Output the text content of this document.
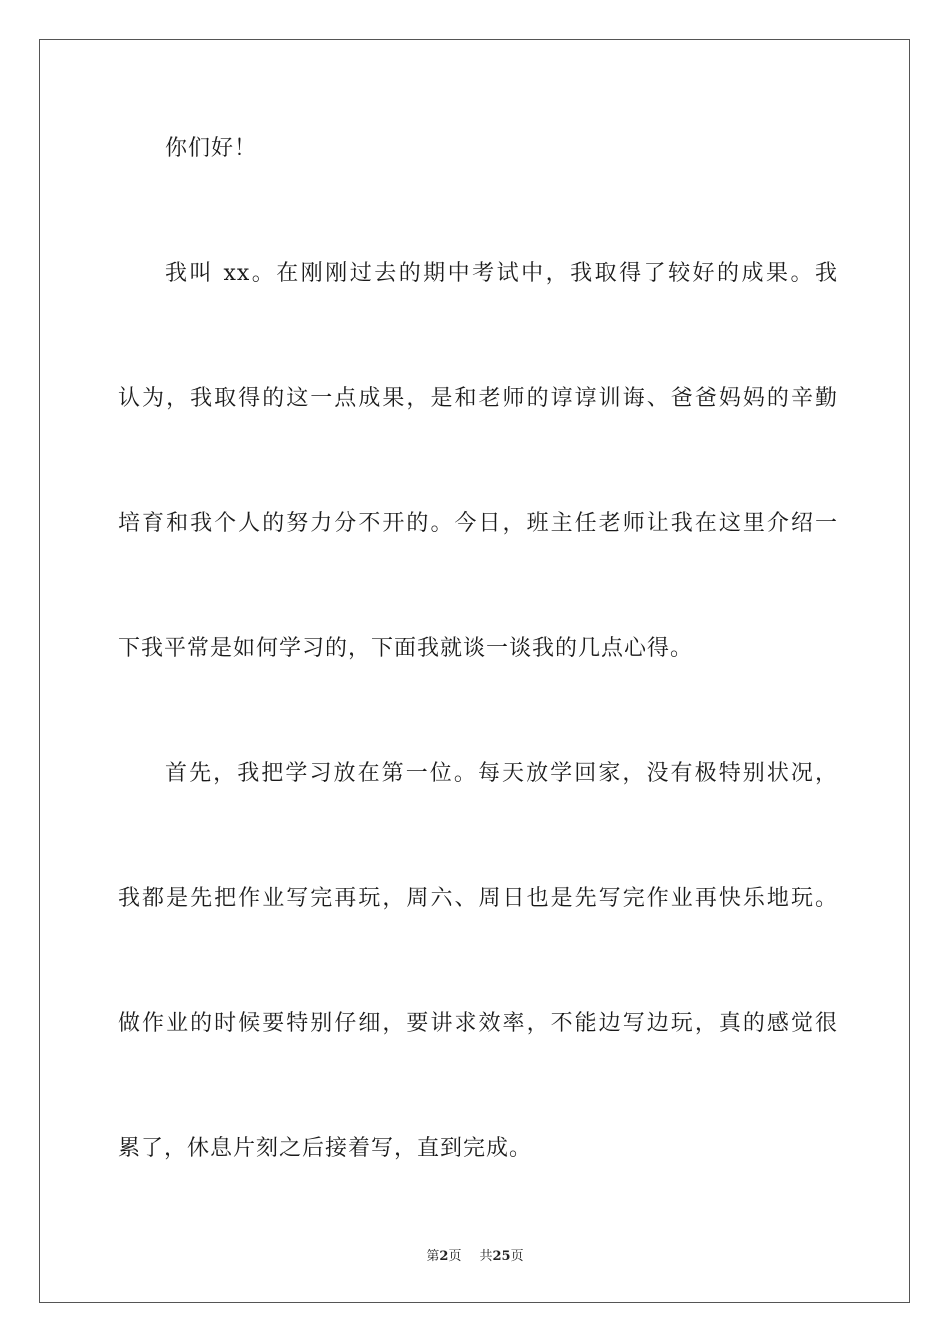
你们好！
我叫 xx。在刚刚过去的期中考试中，我取得了较好的成果。我
认为，我取得的这一点成果，是和老师的谆谆训诲、爸爸妈妈的辛勤
培育和我个人的努力分不开的。今日，班主任老师让我在这里介绍一
下我平常是如何学习的，下面我就谈一谈我的几点心得。
首先，我把学习放在第一位。每天放学回家，没有极特别状况，
我都是先把作业写完再玩，周六、周日也是先写完作业再快乐地玩。
做作业的时候要特别仔细，要讲求效率，不能边写边玩，真的感觉很
累了，休息片刻之后接着写，直到完成。
第2页 共25页
